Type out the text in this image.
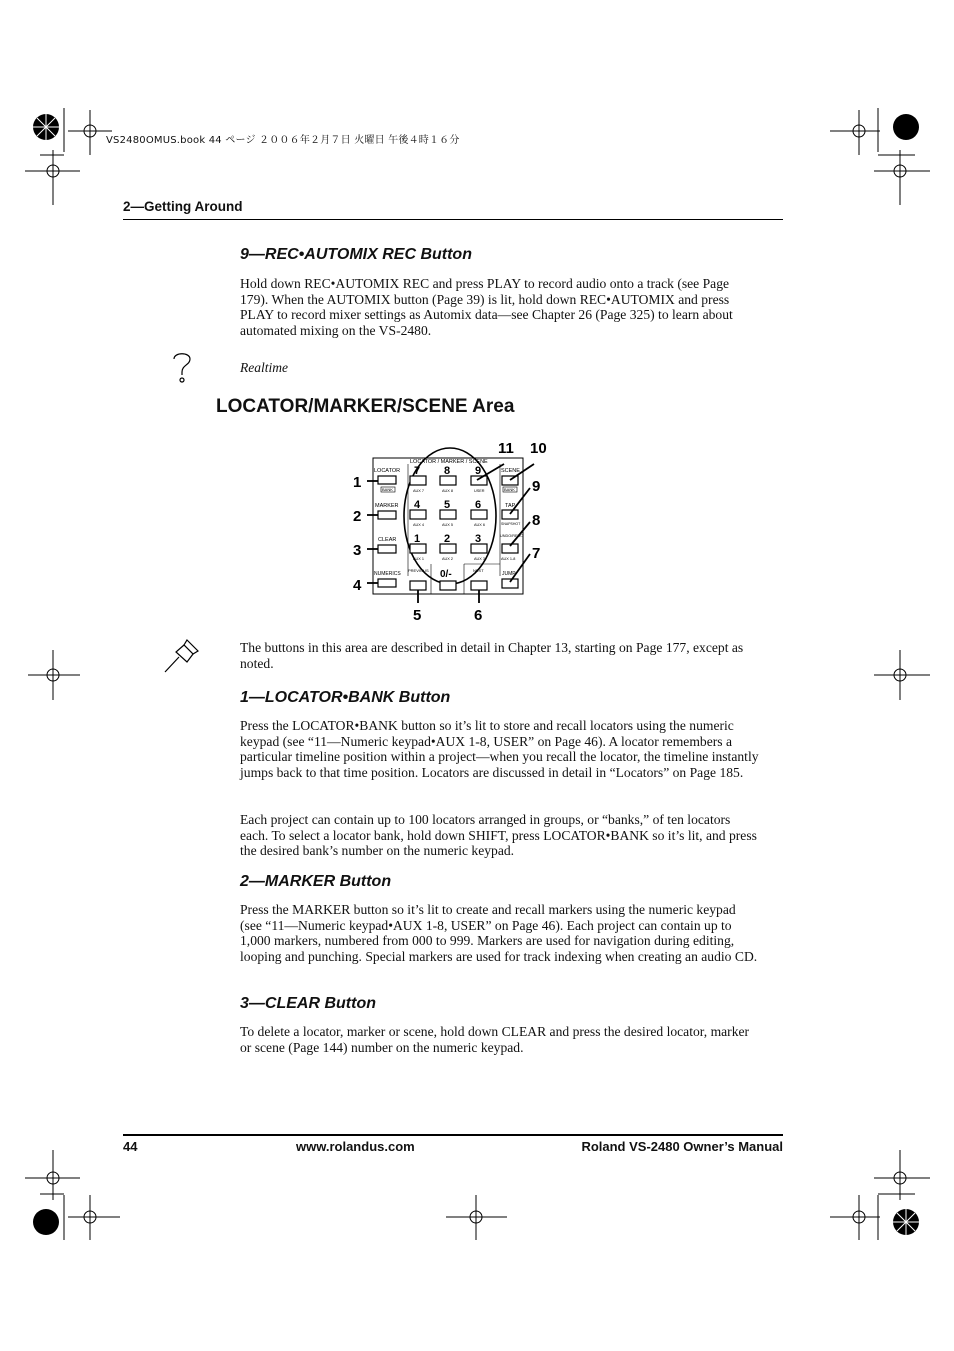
VS2480OMUS.book 44 ページ ２００６年２月７日 火曜日 午後４時１６分
2—Getting Around
9—REC•AUTOMIX REC Button
Hold down REC•AUTOMIX REC and press PLAY to record audio onto a track (see Page 179). When the AUTOMIX button (Page 39) is lit, hold down REC•AUTOMIX and press PLAY to record mixer settings as Automix data—see Chapter 26 (Page 325) to learn about automated mixing on the VS-2480.
Realtime
LOCATOR/MARKER/SCENE Area
LOCATOR / MARKER / SCENE
LOCATOR
BANK
MARKER
CLEAR
NUMERICS
7 8 9
4 5 6
1 2 3
AUX 7	AUX 8	USER
AUX 4	AUX 5	AUX 6
AUX 1	AUX 2	AUX 3
PREVIOUS 0/-	NEXT
SCENE
BANK
TAP
SNAPSHOT
UNDO/REDO
AUX 1-8
JUMP
1
2
3
4
5	6
7
8
9
10
11
The buttons in this area are described in detail in Chapter 13, starting on Page 177, except as noted.
1—LOCATOR•BANK Button
Press the LOCATOR•BANK button so it’s lit to store and recall locators using the numeric keypad (see “11—Numeric keypad•AUX 1-8, USER” on Page 46). A locator remembers a particular timeline position within a project—when you recall the locator, the timeline instantly jumps back to that time position. Locators are discussed in detail in “Locators” on Page 185.
Each project can contain up to 100 locators arranged in groups, or “banks,” of ten locators each. To select a locator bank, hold down SHIFT, press LOCATOR•BANK so it’s lit, and press the desired bank’s number on the numeric keypad.
2—MARKER Button
Press the MARKER button so it’s lit to create and recall markers using the numeric keypad (see “11—Numeric keypad•AUX 1-8, USER” on Page 46). Each project can contain up to 1,000 markers, numbered from 000 to 999. Markers are used for navigation during editing, looping and punching. Special markers are used for track indexing when creating an audio CD.
3—CLEAR Button
To delete a locator, marker or scene, hold down CLEAR and press the desired locator, marker or scene (Page 144) number on the numeric keypad.
44	www.rolandus.com	Roland VS-2480 Owner’s Manual
